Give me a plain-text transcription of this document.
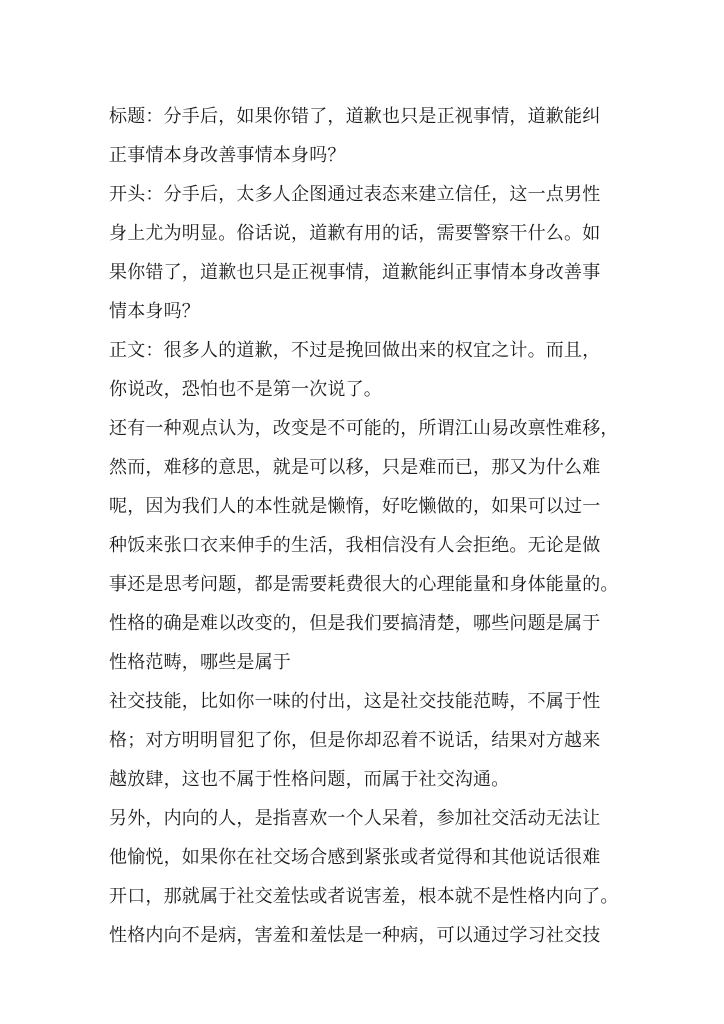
标题：分手后，如果你错了，道歉也只是正视事情，道歉能纠
正事情本身改善事情本身吗？
开头：分手后，太多人企图通过表态来建立信任，这一点男性
身上尤为明显。俗话说，道歉有用的话，需要警察干什么。如
果你错了，道歉也只是正视事情，道歉能纠正事情本身改善事
情本身吗？
正文：很多人的道歉，不过是挽回做出来的权宜之计。而且，
你说改，恐怕也不是第一次说了。
还有一种观点认为，改变是不可能的，所谓江山易改禀性难移，
然而，难移的意思，就是可以移，只是难而已，那又为什么难
呢，因为我们人的本性就是懒惰，好吃懒做的，如果可以过一
种饭来张口衣来伸手的生活，我相信没有人会拒绝。无论是做
事还是思考问题，都是需要耗费很大的心理能量和身体能量的。
性格的确是难以改变的，但是我们要搞清楚，哪些问题是属于
性格范畴，哪些是属于
社交技能，比如你一味的付出，这是社交技能范畴，不属于性
格；对方明明冒犯了你，但是你却忍着不说话，结果对方越来
越放肆，这也不属于性格问题，而属于社交沟通。
另外，内向的人，是指喜欢一个人呆着，参加社交活动无法让
他愉悦，如果你在社交场合感到紧张或者觉得和其他说话很难
开口，那就属于社交羞怯或者说害羞，根本就不是性格内向了。
性格内向不是病，害羞和羞怯是一种病，可以通过学习社交技
